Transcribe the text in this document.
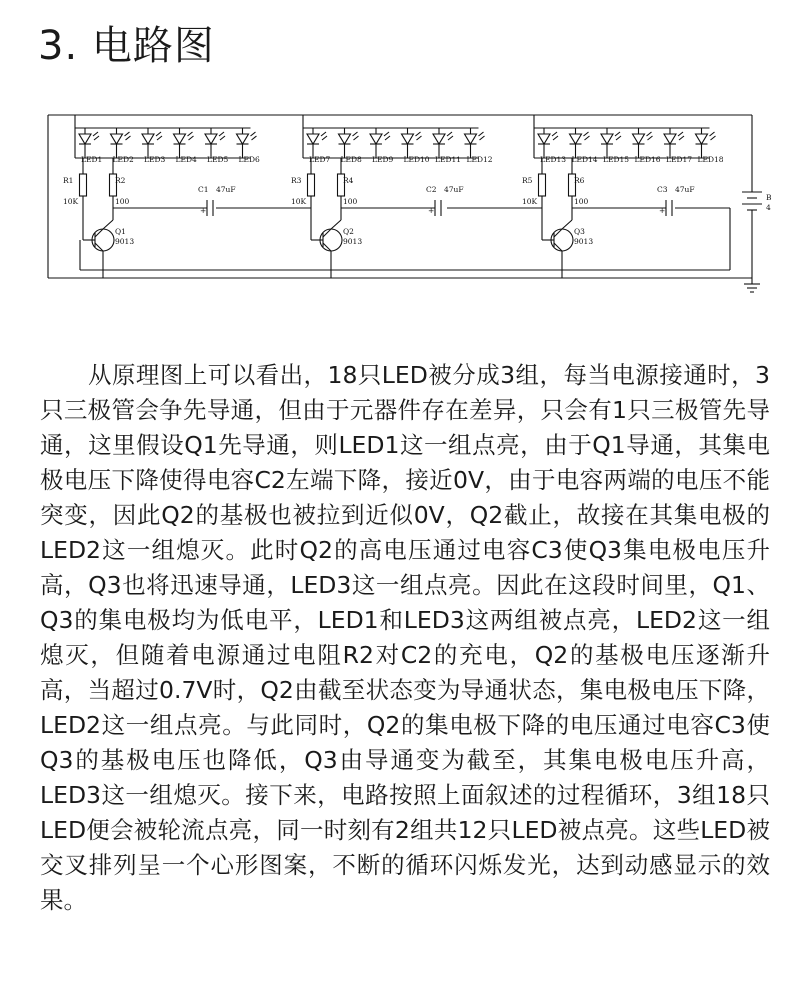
3. 电路图
LED1 LED2 LED3 LED4 LED5 LED6
R1
10K
R2
100
C1 47uF
+
Q1
9013
LED7 LED8 LED9 LED10 LED11 LED12
R3
10K
R4
100
C2 47uF
+
Q2
9013
LED13 LED14 LED15 LED16 LED17 LED18
R5
10K
R6
100
C3 47uF
+
Q3
9013
B
4
从原理图上可以看出，18只LED被分成3组，每当电源接通时，3只三极管会争先导通，但由于元器件存在差异，只会有1只三极管先导通，这里假设Q1先导通，则LED1这一组点亮，由于Q1导通，其集电极电压下降使得电容C2左端下降，接近0V，由于电容两端的电压不能突变，因此Q2的基极也被拉到近似0V，Q2截止，故接在其集电极的LED2这一组熄灭。此时Q2的高电压通过电容C3使Q3集电极电压升高，Q3也将迅速导通，LED3这一组点亮。因此在这段时间里，Q1、Q3的集电极均为低电平，LED1和LED3这两组被点亮，LED2这一组熄灭，但随着电源通过电阻R2对C2的充电，Q2的基极电压逐渐升高，当超过0.7V时，Q2由截至状态变为导通状态，集电极电压下降，LED2这一组点亮。与此同时，Q2的集电极下降的电压通过电容C3使Q3的基极电压也降低，Q3由导通变为截至，其集电极电压升高，LED3这一组熄灭。接下来，电路按照上面叙述的过程循环，3组18只LED便会被轮流点亮，同一时刻有2组共12只LED被点亮。这些LED被交叉排列呈一个心形图案，不断的循环闪烁发光，达到动感显示的效果。
